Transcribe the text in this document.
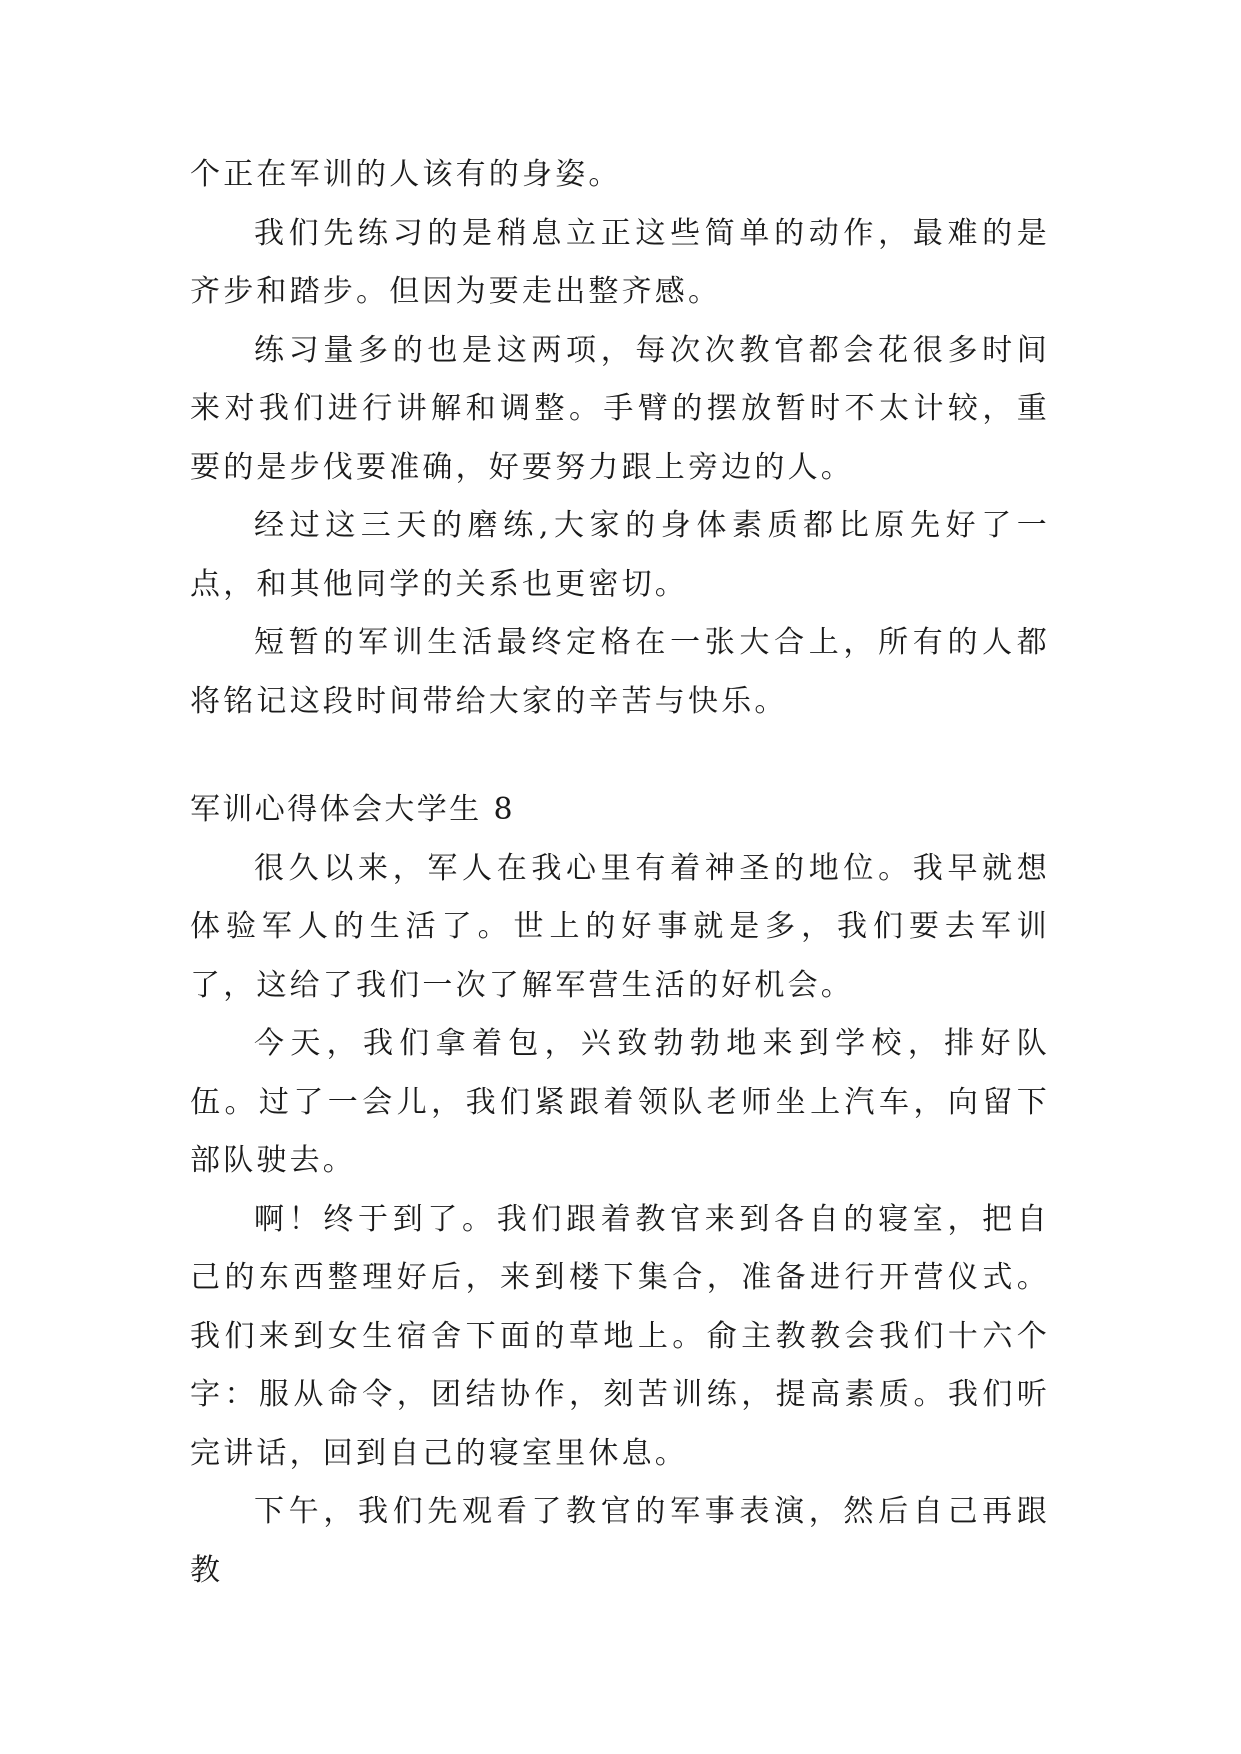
个正在军训的人该有的身姿。

我们先练习的是稍息立正这些简单的动作，最难的是齐步和踏步。但因为要走出整齐感。

练习量多的也是这两项，每次次教官都会花很多时间来对我们进行讲解和调整。手臂的摆放暂时不太计较，重要的是步伐要准确，好要努力跟上旁边的人。

经过这三天的磨练,大家的身体素质都比原先好了一点，和其他同学的关系也更密切。

短暂的军训生活最终定格在一张大合上，所有的人都将铭记这段时间带给大家的辛苦与快乐。

军训心得体会大学生 8

很久以来，军人在我心里有着神圣的地位。我早就想体验军人的生活了。世上的好事就是多，我们要去军训了，这给了我们一次了解军营生活的好机会。

今天，我们拿着包，兴致勃勃地来到学校，排好队伍。过了一会儿，我们紧跟着领队老师坐上汽车，向留下部队驶去。

啊！终于到了。我们跟着教官来到各自的寝室，把自己的东西整理好后，来到楼下集合，准备进行开营仪式。我们来到女生宿舍下面的草地上。俞主教教会我们十六个字：服从命令，团结协作，刻苦训练，提高素质。我们听完讲话，回到自己的寝室里休息。

下午，我们先观看了教官的军事表演，然后自己再跟教
